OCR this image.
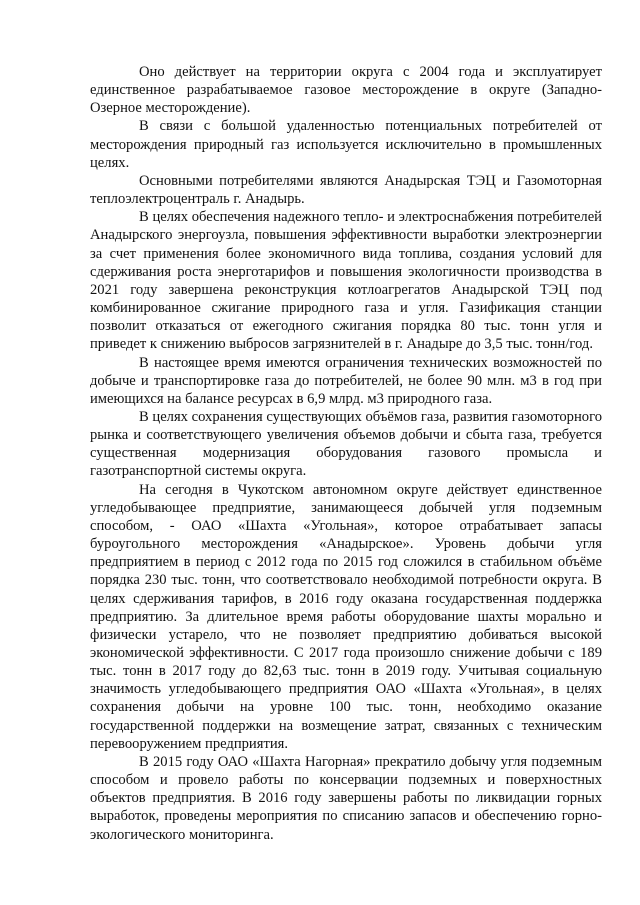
Оно действует на территории округа с 2004 года и эксплуатирует единственное разрабатываемое газовое месторождение в округе (Западно-Озерное месторождение).

В связи с большой удаленностью потенциальных потребителей от месторождения природный газ используется исключительно в промышленных целях.

Основными потребителями являются Анадырская ТЭЦ и Газомоторная теплоэлектроцентраль г. Анадырь.

В целях обеспечения надежного тепло- и электроснабжения потребителей Анадырского энергоузла, повышения эффективности выработки электроэнергии за счет применения более экономичного вида топлива, создания условий для сдерживания роста энерготарифов и повышения экологичности производства в 2021 году завершена реконструкция котлоагрегатов Анадырской ТЭЦ под комбинированное сжигание природного газа и угля. Газификация станции позволит отказаться от ежегодного сжигания порядка 80 тыс. тонн угля и приведет к снижению выбросов загрязнителей в г. Анадыре до 3,5 тыс. тонн/год.

В настоящее время имеются ограничения технических возможностей по добыче и транспортировке газа до потребителей, не более 90 млн. м3 в год при имеющихся на балансе ресурсах в 6,9 млрд. м3 природного газа.

В целях сохранения существующих объёмов газа, развития газомоторного рынка и соответствующего увеличения объемов добычи и сбыта газа, требуется существенная модернизация оборудования газового промысла и газотранспортной системы округа.

На сегодня в Чукотском автономном округе действует единственное угледобывающее предприятие, занимающееся добычей угля подземным способом, - ОАО «Шахта «Угольная», которое отрабатывает запасы буроугольного месторождения «Анадырское». Уровень добычи угля предприятием в период с 2012 года по 2015 год сложился в стабильном объёме порядка 230 тыс. тонн, что соответствовало необходимой потребности округа. В целях сдерживания тарифов, в 2016 году оказана государственная поддержка предприятию. За длительное время работы оборудование шахты морально и физически устарело, что не позволяет предприятию добиваться высокой экономической эффективности. С 2017 года произошло снижение добычи с 189 тыс. тонн в 2017 году до 82,63 тыс. тонн в 2019 году. Учитывая социальную значимость угледобывающего предприятия ОАО «Шахта «Угольная», в целях сохранения добычи на уровне 100 тыс. тонн, необходимо оказание государственной поддержки на возмещение затрат, связанных с техническим перевооружением предприятия.

В 2015 году ОАО «Шахта Нагорная» прекратило добычу угля подземным способом и провело работы по консервации подземных и поверхностных объектов предприятия. В 2016 году завершены работы по ликвидации горных выработок, проведены мероприятия по списанию запасов и обеспечению горно-экологического мониторинга.
